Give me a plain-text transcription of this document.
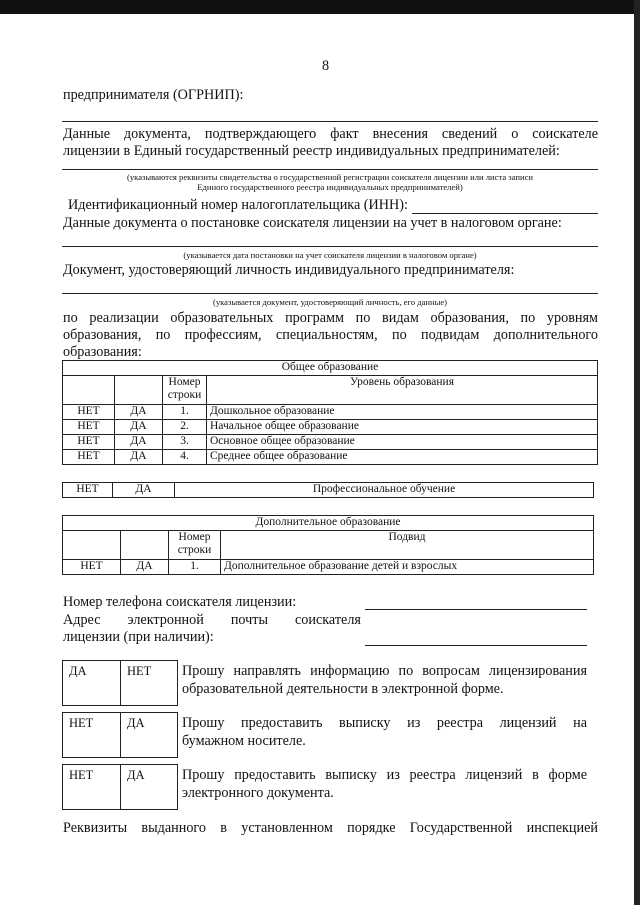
8
предпринимателя (ОГРНИП):
Данные документа, подтверждающего факт внесения сведений о соискателе
лицензии в Единый государственный реестр индивидуальных предпринимателей:
(указываются реквизиты свидетельства о государственной регистрации соискателя лицензии или листа записи
Единого государственного реестра индивидуальных предпринимателей)
Идентификационный номер налогоплательщика (ИНН):
Данные документа о постановке соискателя лицензии на учет в налоговом органе:
(указывается дата постановки на учет соискателя лицензии в налоговом органе)
Документ, удостоверяющий личность индивидуального предпринимателя:
(указывается документ, удостоверяющий личность, его данные)
по реализации образовательных программ по видам образования, по уровням
образования, по профессиям, специальностям, по подвидам дополнительного
образования:
Общее образование			
		Номер
строки	Уровень образования
НЕТ	ДА	1.	Дошкольное образование
НЕТ	ДА	2.	Начальное общее образование
НЕТ	ДА	3.	Основное общее образование
НЕТ	ДА	4.	Среднее общее образование
НЕТ	ДА	Профессиональное обучение
Дополнительное образование			
		Номер
строки	Подвид
НЕТ	ДА	1.	Дополнительное образование детей и взрослых
Номер телефона соискателя лицензии:
Адрес электронной почты соискателя
лицензии (при наличии):
ДА	НЕТ	Прошу направлять информацию по вопросам лицензирования
образовательной деятельности в электронной форме.
НЕТ	ДА	Прошу предоставить выписку из реестра лицензий на
бумажном носителе.
НЕТ	ДА	Прошу предоставить выписку из реестра лицензий в форме
электронного документа.
Реквизиты выданного в установленном порядке Государственной инспекцией
